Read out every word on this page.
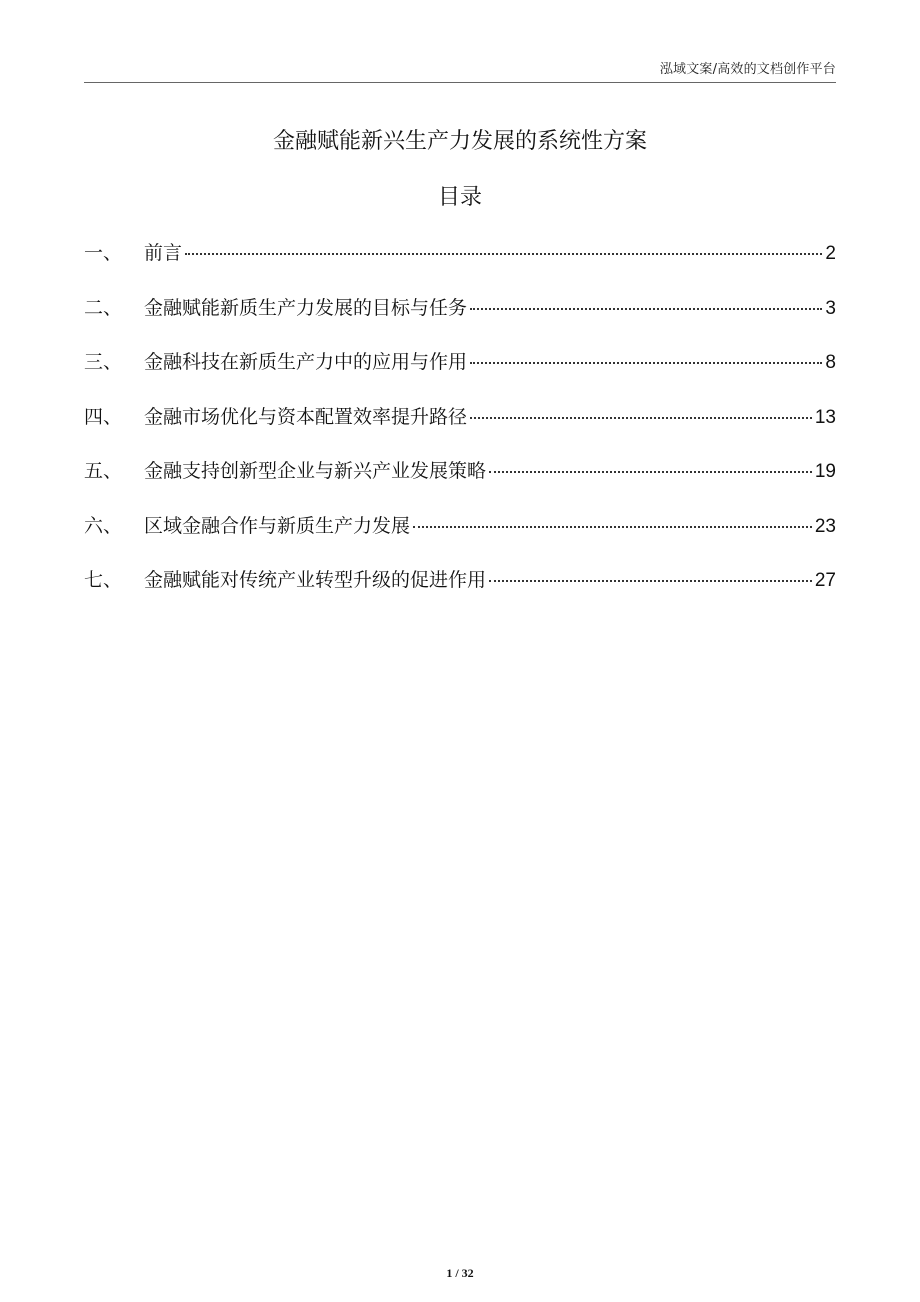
泓域文案/高效的文档创作平台
金融赋能新兴生产力发展的系统性方案
目录
一、	前言	2
二、	金融赋能新质生产力发展的目标与任务	3
三、	金融科技在新质生产力中的应用与作用	8
四、	金融市场优化与资本配置效率提升路径	13
五、	金融支持创新型企业与新兴产业发展策略	19
六、	区域金融合作与新质生产力发展	23
七、	金融赋能对传统产业转型升级的促进作用	27
1 / 32
